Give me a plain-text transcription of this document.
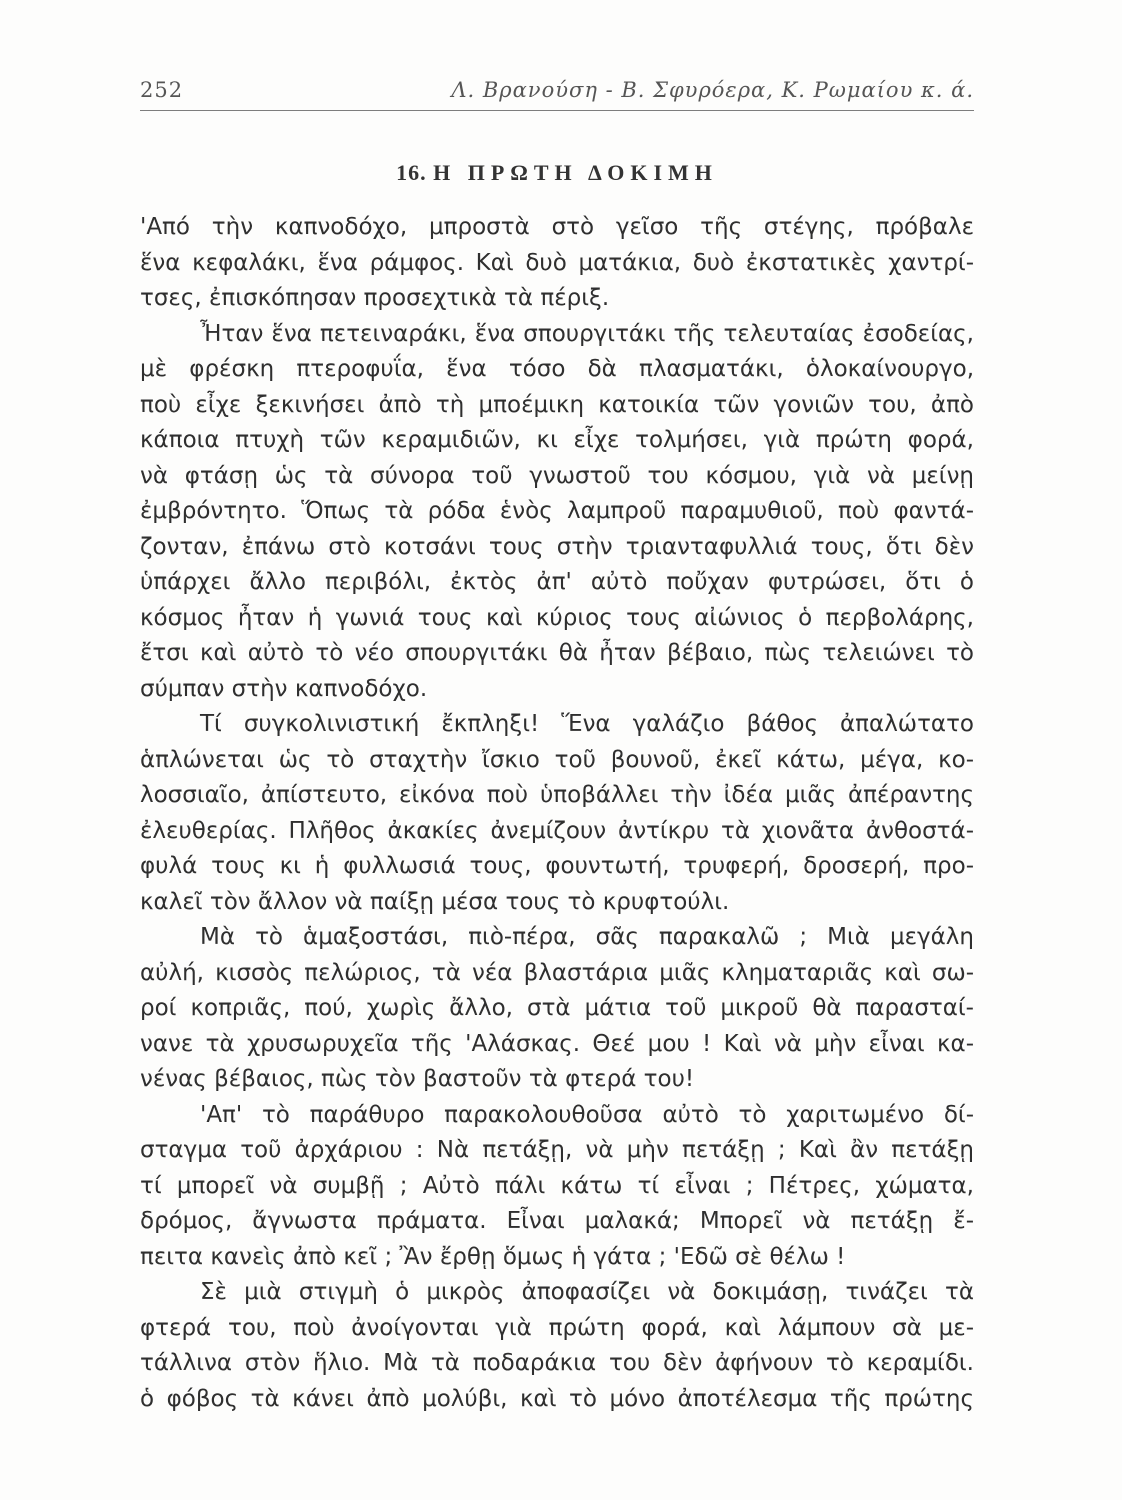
252	Λ. Βρανούση - Β. Σφυρόερα, Κ. Ρωμαίου κ. ά.
16. Η ΠΡΩΤΗ ΔΟΚΙΜΗ
'Από τὴν καπνοδόχο, μπροστὰ στὸ γεῖσο τῆς στέγης, πρόβαλε
ἕνα κεφαλάκι, ἕνα ράμφος. Καὶ δυὸ ματάκια, δυὸ ἐκστατικὲς χαντρί-
τσες, ἐπισκόπησαν προσεχτικὰ τὰ πέριξ.
Ἦταν ἕνα πετειναράκι, ἕνα σπουργιτάκι τῆς τελευταίας ἐσοδείας,
μὲ φρέσκη πτεροφυΐα, ἕνα τόσο δὰ πλασματάκι, ὁλοκαίνουργο,
ποὺ εἶχε ξεκινήσει ἀπὸ τὴ μποέμικη κατοικία τῶν γονιῶν του, ἀπὸ
κάποια πτυχὴ τῶν κεραμιδιῶν, κι εἶχε τολμήσει, γιὰ πρώτη φορά,
νὰ φτάσῃ ὡς τὰ σύνορα τοῦ γνωστοῦ του κόσμου, γιὰ νὰ μείνῃ
ἐμβρόντητο. Ὅπως τὰ ρόδα ἑνὸς λαμπροῦ παραμυθιοῦ, ποὺ φαντά-
ζονταν, ἐπάνω στὸ κοτσάνι τους στὴν τριανταφυλλιά τους, ὅτι δὲν
ὑπάρχει ἄλλο περιβόλι, ἐκτὸς ἀπ' αὐτὸ ποὔχαν φυτρώσει, ὅτι ὁ
κόσμος ἦταν ἡ γωνιά τους καὶ κύριος τους αἰώνιος ὁ περβολάρης,
ἔτσι καὶ αὐτὸ τὸ νέο σπουργιτάκι θὰ ἦταν βέβαιο, πὼς τελειώνει τὸ
σύμπαν στὴν καπνοδόχο.
Τί συγκολινιστική ἔκπληξι! Ἕνα γαλάζιο βάθος ἀπαλώτατο
ἁπλώνεται ὡς τὸ σταχτὴν ἴσκιο τοῦ βουνοῦ, ἐκεῖ κάτω, μέγα, κο-
λοσσιαῖο, ἀπίστευτο, εἰκόνα ποὺ ὑποβάλλει τὴν ἰδέα μιᾶς ἀπέραντης
ἐλευθερίας. Πλῆθος ἀκακίες ἀνεμίζουν ἀντίκρυ τὰ χιονᾶτα ἀνθοστά-
φυλά τους κι ἡ φυλλωσιά τους, φουντωτή, τρυφερή, δροσερή, προ-
καλεῖ τὸν ἄλλον νὰ παίξῃ μέσα τους τὸ κρυφτούλι.
Μὰ τὸ ἁμαξοστάσι, πιὸ-πέρα, σᾶς παρακαλῶ ; Μιὰ μεγάλη
αὐλή, κισσὸς πελώριος, τὰ νέα βλαστάρια μιᾶς κληματαριᾶς καὶ σω-
ροί κοπριᾶς, πού, χωρὶς ἄλλο, στὰ μάτια τοῦ μικροῦ θὰ παρασταί-
νανε τὰ χρυσωρυχεῖα τῆς 'Αλάσκας. Θεέ μου ! Καὶ νὰ μὴν εἶναι κα-
νένας βέβαιος, πὼς τὸν βαστοῦν τὰ φτερά του!
'Απ' τὸ παράθυρο παρακολουθοῦσα αὐτὸ τὸ χαριτωμένο δί-
σταγμα τοῦ ἀρχάριου : Νὰ πετάξῃ, νὰ μὴν πετάξῃ ; Καὶ ἂν πετάξῃ
τί μπορεῖ νὰ συμβῇ ; Αὐτὸ πάλι κάτω τί εἶναι ; Πέτρες, χώματα,
δρόμος, ἄγνωστα πράματα. Εἶναι μαλακά; Μπορεῖ νὰ πετάξῃ ἔ-
πειτα κανεὶς ἀπὸ κεῖ ; Ἂν ἔρθῃ ὅμως ἡ γάτα ; 'Εδῶ σὲ θέλω !
Σὲ μιὰ στιγμὴ ὁ μικρὸς ἀποφασίζει νὰ δοκιμάσῃ, τινάζει τὰ
φτερά του, ποὺ ἀνοίγονται γιὰ πρώτη φορά, καὶ λάμπουν σὰ με-
τάλλινα στὸν ἥλιο. Μὰ τὰ ποδαράκια του δὲν ἀφήνουν τὸ κεραμίδι.
ὁ φόβος τὰ κάνει ἀπὸ μολύβι, καὶ τὸ μόνο ἀποτέλεσμα τῆς πρώτης
